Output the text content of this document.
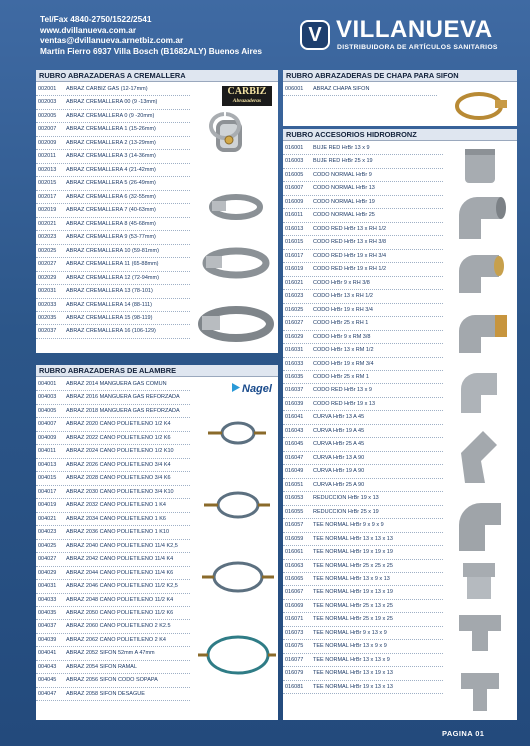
Tel/Fax 4840-2750/1522/2541
www.dvillanueva.com.ar
ventas@dvillanueva.arnetbiz.com.ar
Martín Fierro 6937 Villa Bosch (B1682ALY) Buenos Aires
V VILLANUEVA
DISTRIBUIDORA DE ARTÍCULOS SANITARIOS
RUBRO ABRAZADERAS A CREMALLERA
002001 ABRAZ CARBIZ GAS (12-17mm)
002003 ABRAZ CREMALLERA 00 (9 -13mm)
002005 ABRAZ CREMALLERA 0 (9 -20mm)
002007 ABRAZ CREMALLERA 1 (15-26mm)
002009 ABRAZ CREMALLERA 2 (13-29mm)
002011 ABRAZ CREMALLERA 3 (14-36mm)
002013 ABRAZ CREMALLERA 4 (21-42mm)
002015 ABRAZ CREMALLERA 5 (26-49mm)
002017 ABRAZ CREMALLERA 6 (32-55mm)
002019 ABRAZ CREMALLERA 7 (40-63mm)
002021 ABRAZ CREMALLERA 8 (45-68mm)
002023 ABRAZ CREMALLERA 9 (53-77mm)
002025 ABRAZ CREMALLERA 10 (59-81mm)
002027 ABRAZ CREMALLERA 11 (65-88mm)
002029 ABRAZ CREMALLERA 12 (72-94mm)
002031 ABRAZ CREMALLERA 13 (78-101)
002033 ABRAZ CREMALLERA 14 (88-111)
002035 ABRAZ CREMALLERA 15 (98-119)
002037 ABRAZ CREMALLERA 16 (106-129)
CARBIZ
Abrazaderas
RUBRO ABRAZADERAS DE ALAMBRE
004001 ABRAZ 2014 MANGUERA GAS COMUN
004003 ABRAZ 2016 MANGUERA GAS REFORZADA
004005 ABRAZ 2018 MANGUERA GAS REFORZADA
004007 ABRAZ 2020 CANO POLIETILENO 1/2 K4
004009 ABRAZ 2022 CANO POLIETILENO 1/2 K6
004011 ABRAZ 2024 CANO POLIETILENO 1/2 K10
004013 ABRAZ 2026 CANO POLIETILENO 3/4 K4
004015 ABRAZ 2028 CANO POLIETILENO 3/4 K6
004017 ABRAZ 2030 CANO POLIETILENO 3/4 K10
004019 ABRAZ 2032 CANO POLIETILENO 1 K4
004021 ABRAZ 2034 CANO POLIETILENO 1 K6
004023 ABRAZ 2036 CANO POLIETILENO 1 K10
004025 ABRAZ 2040 CANO POLIETILENO 11/4 K2,5
004027 ABRAZ 2042 CANO POLIETILENO 11/4 K4
004029 ABRAZ 2044 CANO POLIETILENO 11/4 K6
004031 ABRAZ 2046 CANO POLIETILENO 11/2 K2,5
004033 ABRAZ 2048 CANO POLIETILENO 11/2 K4
004035 ABRAZ 2050 CANO POLIETILENO 11/2 K6
004037 ABRAZ 2060 CANO POLIETILENO 2 K2.5
004039 ABRAZ 2062 CANO POLIETILENO 2 K4
004041 ABRAZ 2052 SIFON 52mm A 47mm
004043 ABRAZ 2054 SIFON RAMAL
004045 ABRAZ 2056 SIFON CODO SOPAPA
004047 ABRAZ 2058 SIFON DESAGUE
Nagel
RUBRO ABRAZADERAS DE CHAPA PARA SIFON
006001 ABRAZ CHAPA SIFON
RUBRO ACCESORIOS HIDROBRONZ
016001 BUJE RED HrBr 13 x 9
016003 BUJE RED HrBr 25 x 19
016005 CODO NORMAL HrBr 9
016007 CODO NORMAL HrBr 13
016009 CODO NORMAL HrBr 19
016011 CODO NORMAL HrBr 25
016013 CODO RED HrBr 13 x RH 1/2
016015 CODO RED HrBr 13 x RH 3/8
016017 CODO RED HrBr 19 x RH 3/4
016019 CODO RED HrBr 19 x RH 1/2
016021 CODO HrBr 9 x RH 3/8
016023 CODO HrBr 13 x RH 1/2
016025 CODO HrBr 19 x RH 3/4
016027 CODO HrBr 25 x RH 1
016029 CODO HrBr 9 x RM 3/8
016031 CODO HrBr 13 x RM 1/2
016033 CODO HrBr 19 x RM 3/4
016035 CODO HrBr 25 x RM 1
016037 CODO RED HrBr 13 x 9
016039 CODO RED HrBr 19 x 13
016041 CURVA HrBr 13 A 45
016043 CURVA HrBr 19 A 45
016045 CURVA HrBr 25 A 45
016047 CURVA HrBr 13 A 90
016049 CURVA HrBr 19 A 90
016051 CURVA HrBr 25 A 90
016053 REDUCCION HrBr 19 x 13
016055 REDUCCION HrBr 25 x 19
016057 TEE NORMAL HrBr 9 x 9 x 9
016059 TEE NORMAL HrBr 13 x 13 x 13
016061 TEE NORMAL HrBr 19 x 19 x 19
016063 TEE NORMAL HrBr 25 x 25 x 25
016065 TEE NORMAL HrBr 13 x 9 x 13
016067 TEE NORMAL HrBr 19 x 13 x 19
016069 TEE NORMAL HrBr 25 x 13 x 25
016071 TEE NORMAL HrBr 25 x 19 x 25
016073 TEE NORMAL HrBr 9 x 13 x 9
016075 TEE NORMAL HrBr 13 x 9 x 9
016077 TEE NORMAL HrBr 13 x 13 x 9
016079 TEE NORMAL HrBr 13 x 19 x 13
016081 TEE NORMAL HrBr 19 x 13 x 13
PAGINA 01
